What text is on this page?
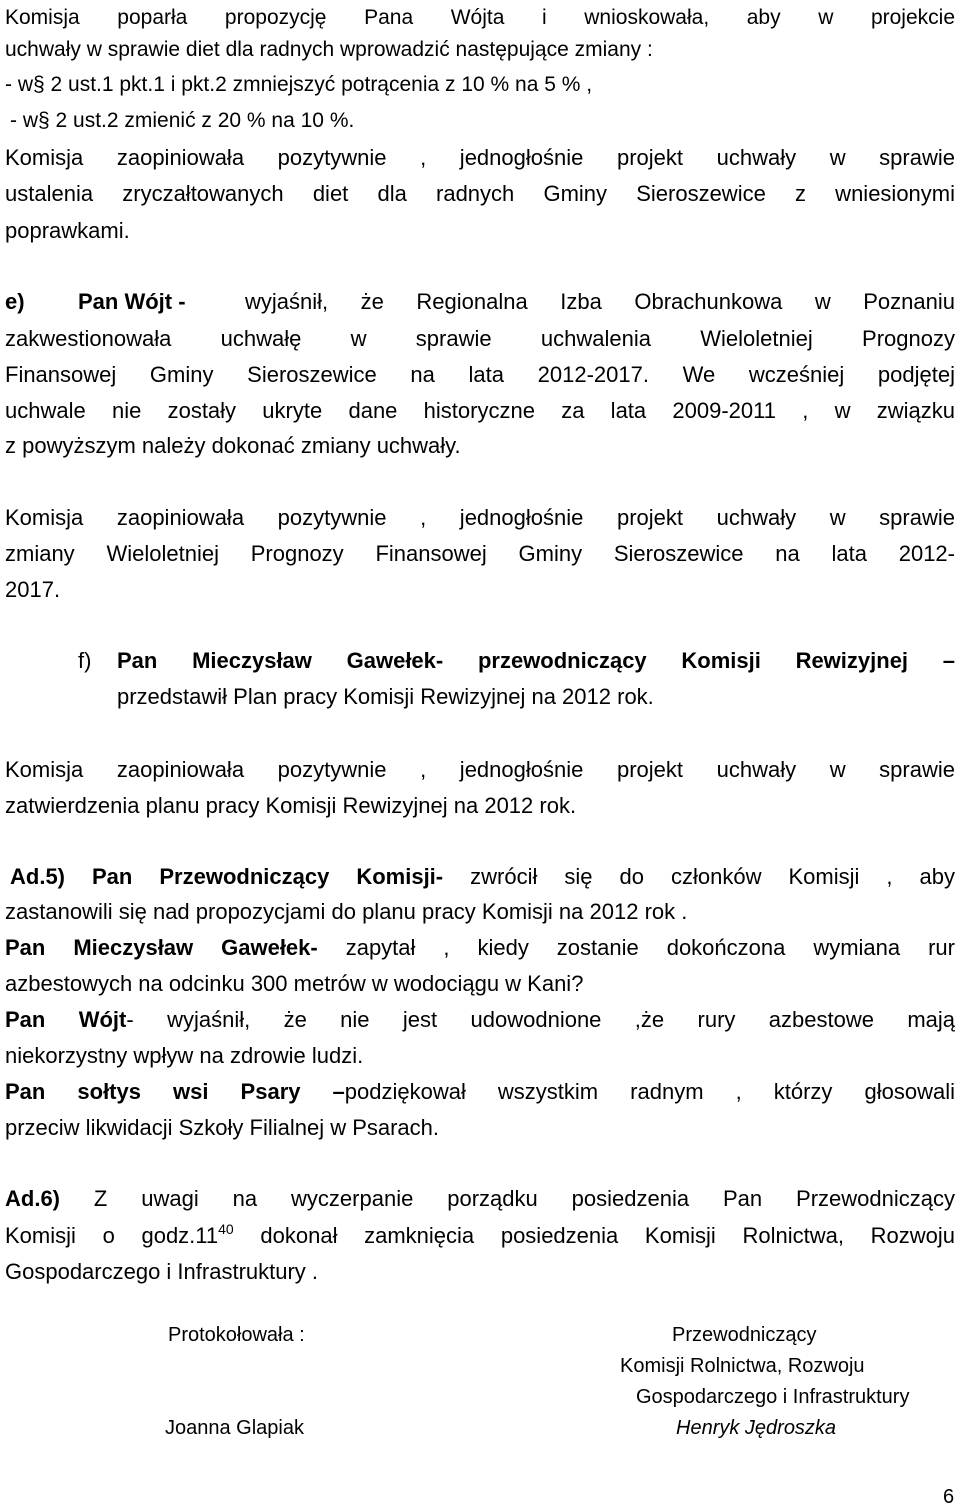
Komisja poparła propozycję Pana Wójta i wnioskowała, aby w projekcie
uchwały w sprawie diet dla radnych wprowadzić następujące zmiany :
- w§ 2 ust.1 pkt.1 i pkt.2 zmniejszyć potrącenia z 10 % na 5 % ,
- w§ 2 ust.2 zmienić z 20 % na 10 %.
Komisja zaopiniowała pozytywnie , jednogłośnie projekt uchwały w sprawie
ustalenia zryczałtowanych diet dla radnych Gminy Sieroszewice z wniesionymi
poprawkami.
e)	Pan Wójt -	wyjaśnił, że Regionalna Izba Obrachunkowa w Poznaniu
zakwestionowała uchwałę w sprawie uchwalenia Wieloletniej Prognozy
Finansowej Gminy Sieroszewice na lata 2012-2017. We wcześniej podjętej
uchwale nie zostały ukryte dane historyczne za lata 2009-2011 , w związku
z powyższym należy dokonać zmiany uchwały.
Komisja zaopiniowała pozytywnie , jednogłośnie projekt uchwały w sprawie
zmiany Wieloletniej Prognozy Finansowej Gminy Sieroszewice na lata 2012-
2017.
f)	Pan Mieczysław Gawełek- przewodniczący Komisji Rewizyjnej –
przedstawił Plan pracy Komisji Rewizyjnej na 2012 rok.
Komisja zaopiniowała pozytywnie , jednogłośnie projekt uchwały w sprawie
zatwierdzenia planu pracy Komisji Rewizyjnej na 2012 rok.
Ad.5) Pan Przewodniczący Komisji- zwrócił się do członków Komisji , aby
zastanowili się nad propozycjami do planu pracy Komisji na 2012 rok .
Pan Mieczysław Gawełek- zapytał , kiedy zostanie dokończona wymiana rur
azbestowych na odcinku 300 metrów w wodociągu w Kani?
Pan Wójt- wyjaśnił, że nie jest udowodnione ,że rury azbestowe mają
niekorzystny wpływ na zdrowie ludzi.
Pan sołtys wsi Psary –podziękował wszystkim radnym , którzy głosowali
przeciw likwidacji Szkoły Filialnej w Psarach.
Ad.6) Z uwagi na wyczerpanie porządku posiedzenia Pan Przewodniczący
Komisji o $godz.11^{40}$ dokonał zamknięcia posiedzenia Komisji Rolnictwa, Rozwoju
Gospodarczego i Infrastruktury .
Protokołowała :
Joanna Glapiak
Przewodniczący
Komisji Rolnictwa, Rozwoju
Gospodarczego i Infrastruktury
Henryk Jędroszka
6
